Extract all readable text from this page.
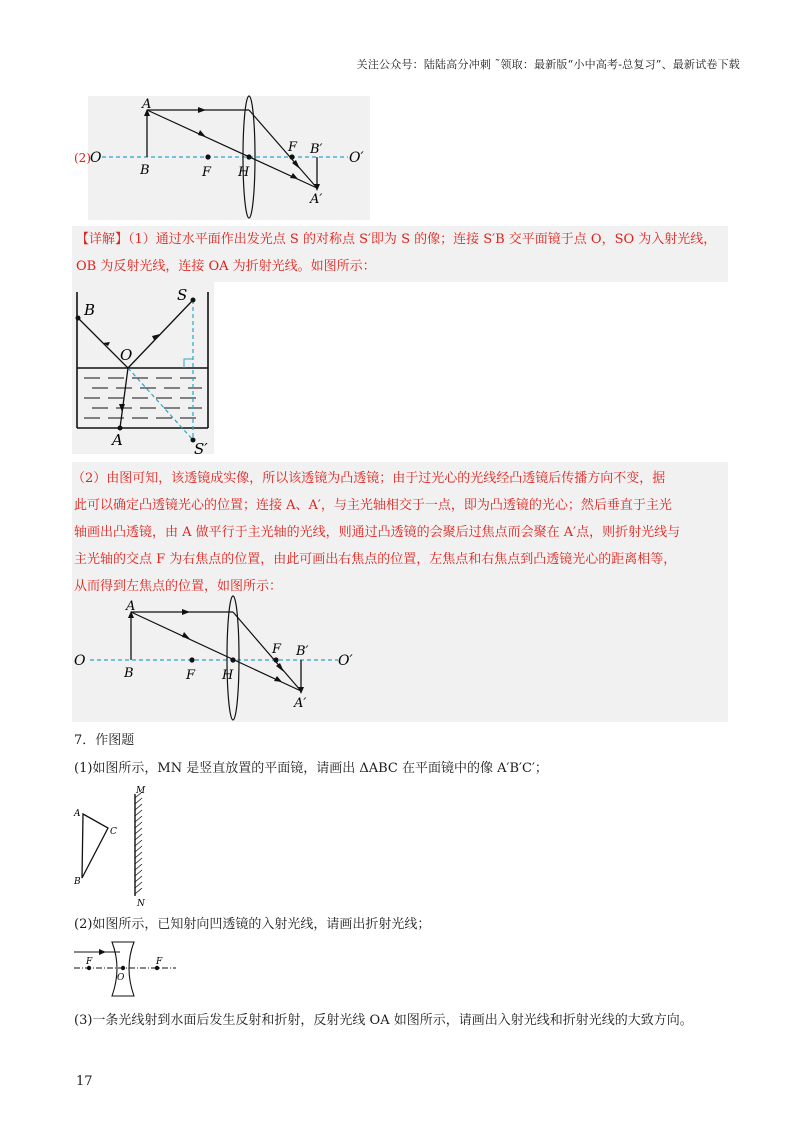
关注公众号：陆陆高分冲刺 ˜领取：最新版“小中高考-总复习”、最新试卷下载
(2) O
A
B	F H
F B′
O′
A′
【详解】（1）通过水平面作出发光点 S 的对称点 S′即为 S 的像；连接 S′B 交平面镜于点 O，SO 为入射光线，
OB 为反射光线，连接 OA 为折射光线。如图所示：
B
S
O
A	S′
（2）由图可知，该透镜成实像，所以该透镜为凸透镜；由于过光心的光线经凸透镜后传播方向不变，据
此可以确定凸透镜光心的位置；连接 A、A′，与主光轴相交于一点，即为凸透镜的光心；然后垂直于主光
轴画出凸透镜，由 A 做平行于主光轴的光线，则通过凸透镜的会聚后过焦点而会聚在 A′点，则折射光线与
主光轴的交点 F 为右焦点的位置，由此可画出右焦点的位置，左焦点和右焦点到凸透镜光心的距离相等，
从而得到左焦点的位置，如图所示：
O
A
B	F H
F B′
O′
A′
7．作图题
(1)如图所示，MN 是竖直放置的平面镜，请画出 ΔABC 在平面镜中的像 A′B′C′；
M
N
A
B
C
(2)如图所示，已知射向凹透镜的入射光线，请画出折射光线；
F
O
F
(3)一条光线射到水面后发生反射和折射，反射光线 OA 如图所示，请画出入射光线和折射光线的大致方向。
17
